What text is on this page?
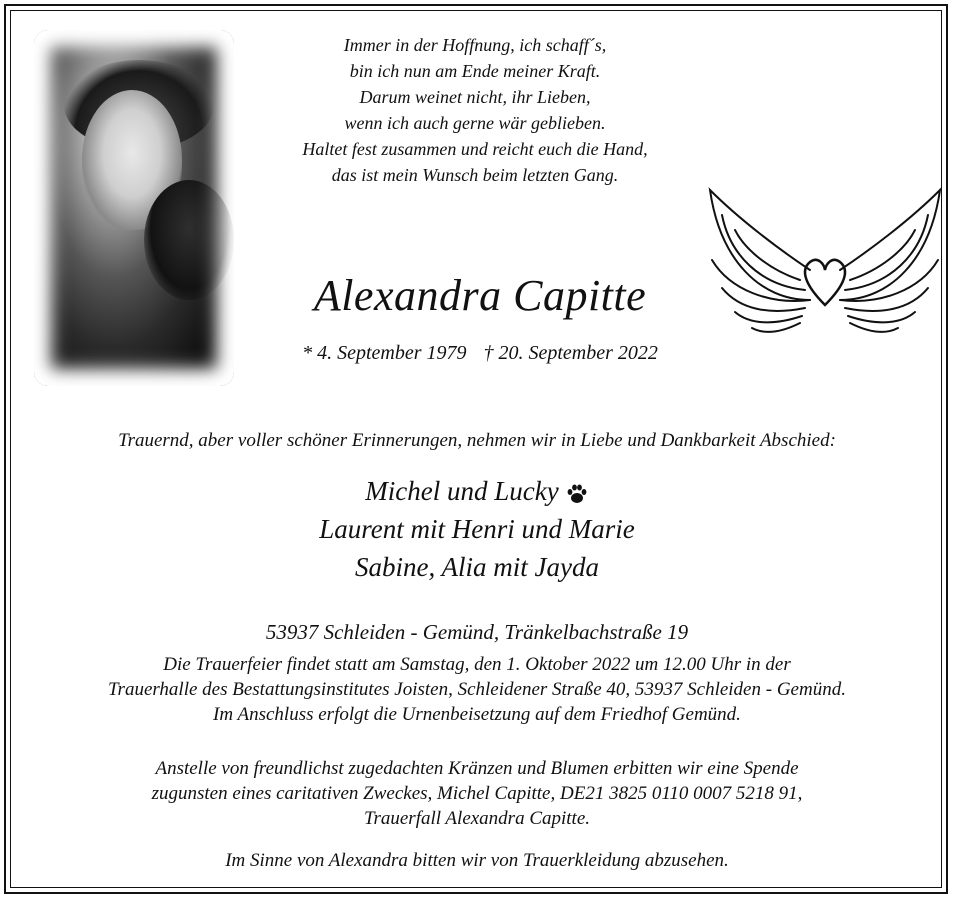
Immer in der Hoffnung, ich schaff´s,
bin ich nun am Ende meiner Kraft.
Darum weinet nicht, ihr Lieben,
wenn ich auch gerne wär geblieben.
Haltet fest zusammen und reicht euch die Hand,
das ist mein Wunsch beim letzten Gang.
Alexandra Capitte
* 4. September 1979 † 20. September 2022
Trauernd, aber voller schöner Erinnerungen, nehmen wir in Liebe und Dankbarkeit Abschied:
Michel und Lucky
Laurent mit Henri und Marie
Sabine, Alia mit Jayda
53937 Schleiden - Gemünd, Tränkelbachstraße 19
Die Trauerfeier findet statt am Samstag, den 1. Oktober 2022 um 12.00 Uhr in der
Trauerhalle des Bestattungsinstitutes Joisten, Schleidener Straße 40, 53937 Schleiden - Gemünd.
Im Anschluss erfolgt die Urnenbeisetzung auf dem Friedhof Gemünd.
Anstelle von freundlichst zugedachten Kränzen und Blumen erbitten wir eine Spende
zugunsten eines caritativen Zweckes, Michel Capitte, DE21 3825 0110 0007 5218 91,
Trauerfall Alexandra Capitte.
Im Sinne von Alexandra bitten wir von Trauerkleidung abzusehen.
